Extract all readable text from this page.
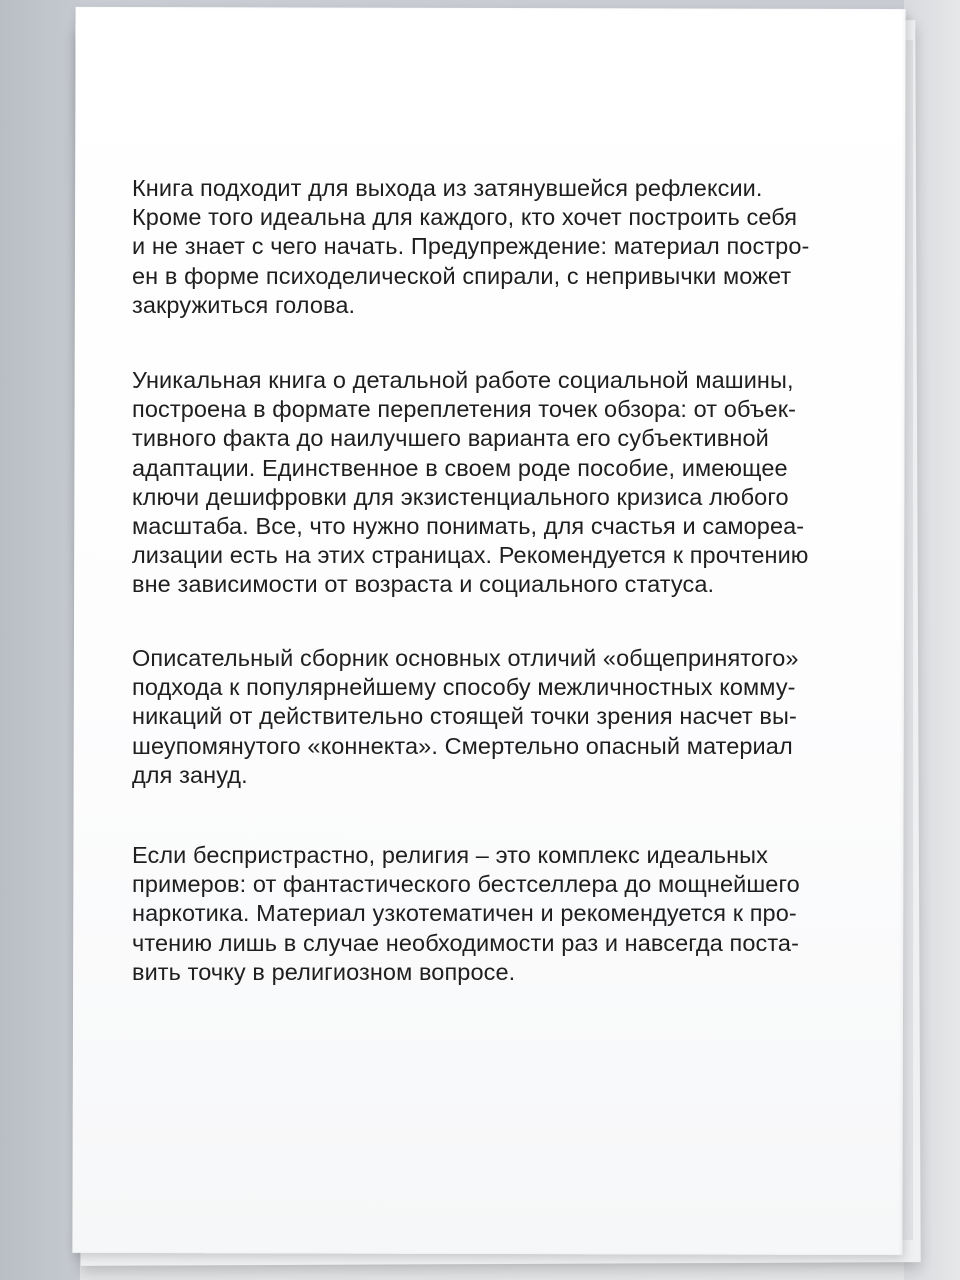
Книга подходит для выхода из затянувшейся рефлексии.
Кроме того идеальна для каждого, кто хочет построить себя
и не знает с чего начать. Предупреждение: материал постро-
ен в форме психоделической спирали, с непривычки может
закружиться голова.
Уникальная книга о детальной работе социальной машины,
построена в формате переплетения точек обзора: от объек-
тивного факта до наилучшего варианта его субъективной
адаптации. Единственное в своем роде пособие, имеющее
ключи дешифровки для экзистенциального кризиса любого
масштаба. Все, что нужно понимать, для счастья и самореа-
лизации есть на этих страницах. Рекомендуется к прочтению
вне зависимости от возраста и социального статуса.
Описательный сборник основных отличий «общепринятого»
подхода к популярнейшему способу межличностных комму-
никаций от действительно стоящей точки зрения насчет вы-
шеупомянутого «коннекта». Смертельно опасный материал
для зануд.
Если беспристрастно, религия – это комплекс идеальных
примеров: от фантастического бестселлера до мощнейшего
наркотика. Материал узкотематичен и рекомендуется к про-
чтению лишь в случае необходимости раз и навсегда поста-
вить точку в религиозном вопросе.
